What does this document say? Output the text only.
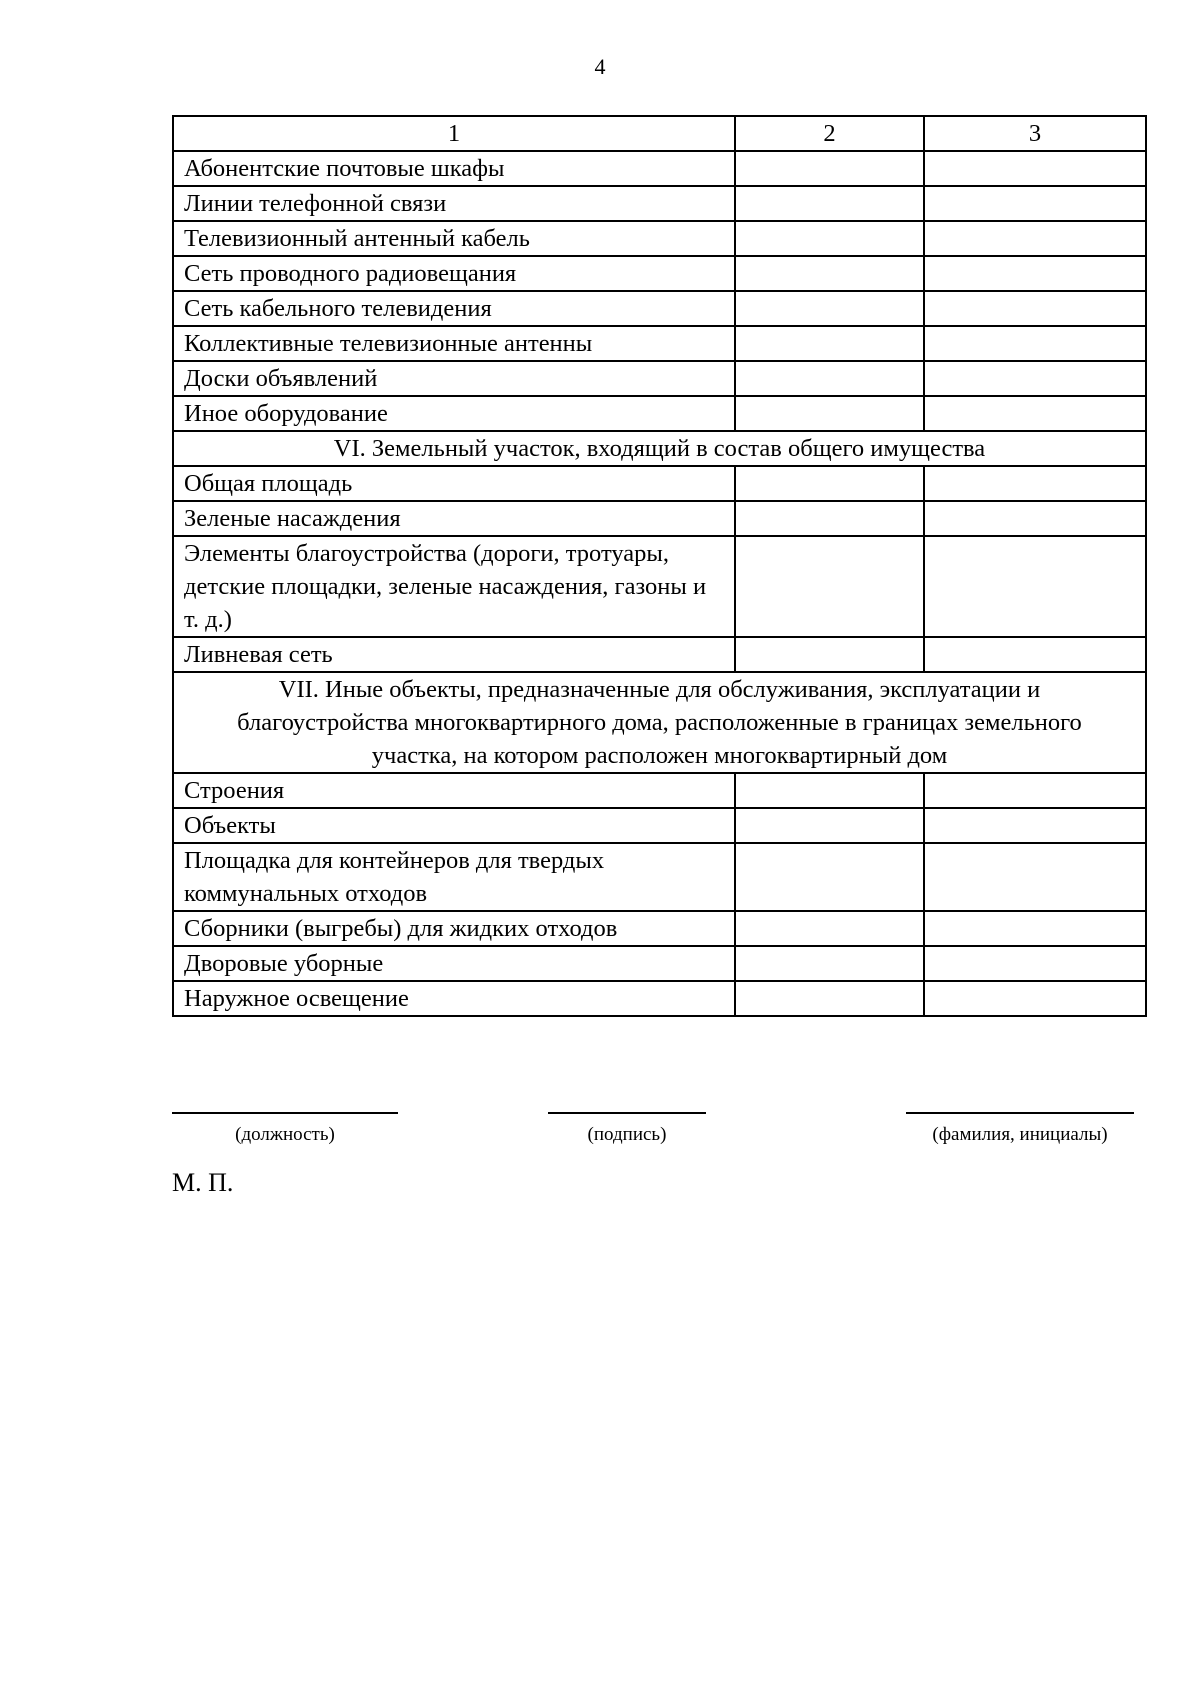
4
1	2	3
Абонентские почтовые шкафы		
Линии телефонной связи		
Телевизионный антенный кабель		
Сеть проводного радиовещания		
Сеть кабельного телевидения		
Коллективные телевизионные антенны		
Доски объявлений		
Иное оборудование		
VI. Земельный участок, входящий в состав общего имущества		
Общая площадь		
Зеленые насаждения		
Элементы благоустройства (дороги, тротуары, детские площадки, зеленые насаждения, газоны и т. д.)		
Ливневая сеть		
VII. Иные объекты, предназначенные для обслуживания, эксплуатации и благоустройства многоквартирного дома, расположенные в границах земельного участка, на котором расположен многоквартирный дом		
Строения		
Объекты		
Площадка для контейнеров для твердых коммунальных отходов		
Сборники (выгребы) для жидких отходов		
Дворовые уборные		
Наружное освещение		
(должность)	(подпись)	(фамилия, инициалы)
М. П.
